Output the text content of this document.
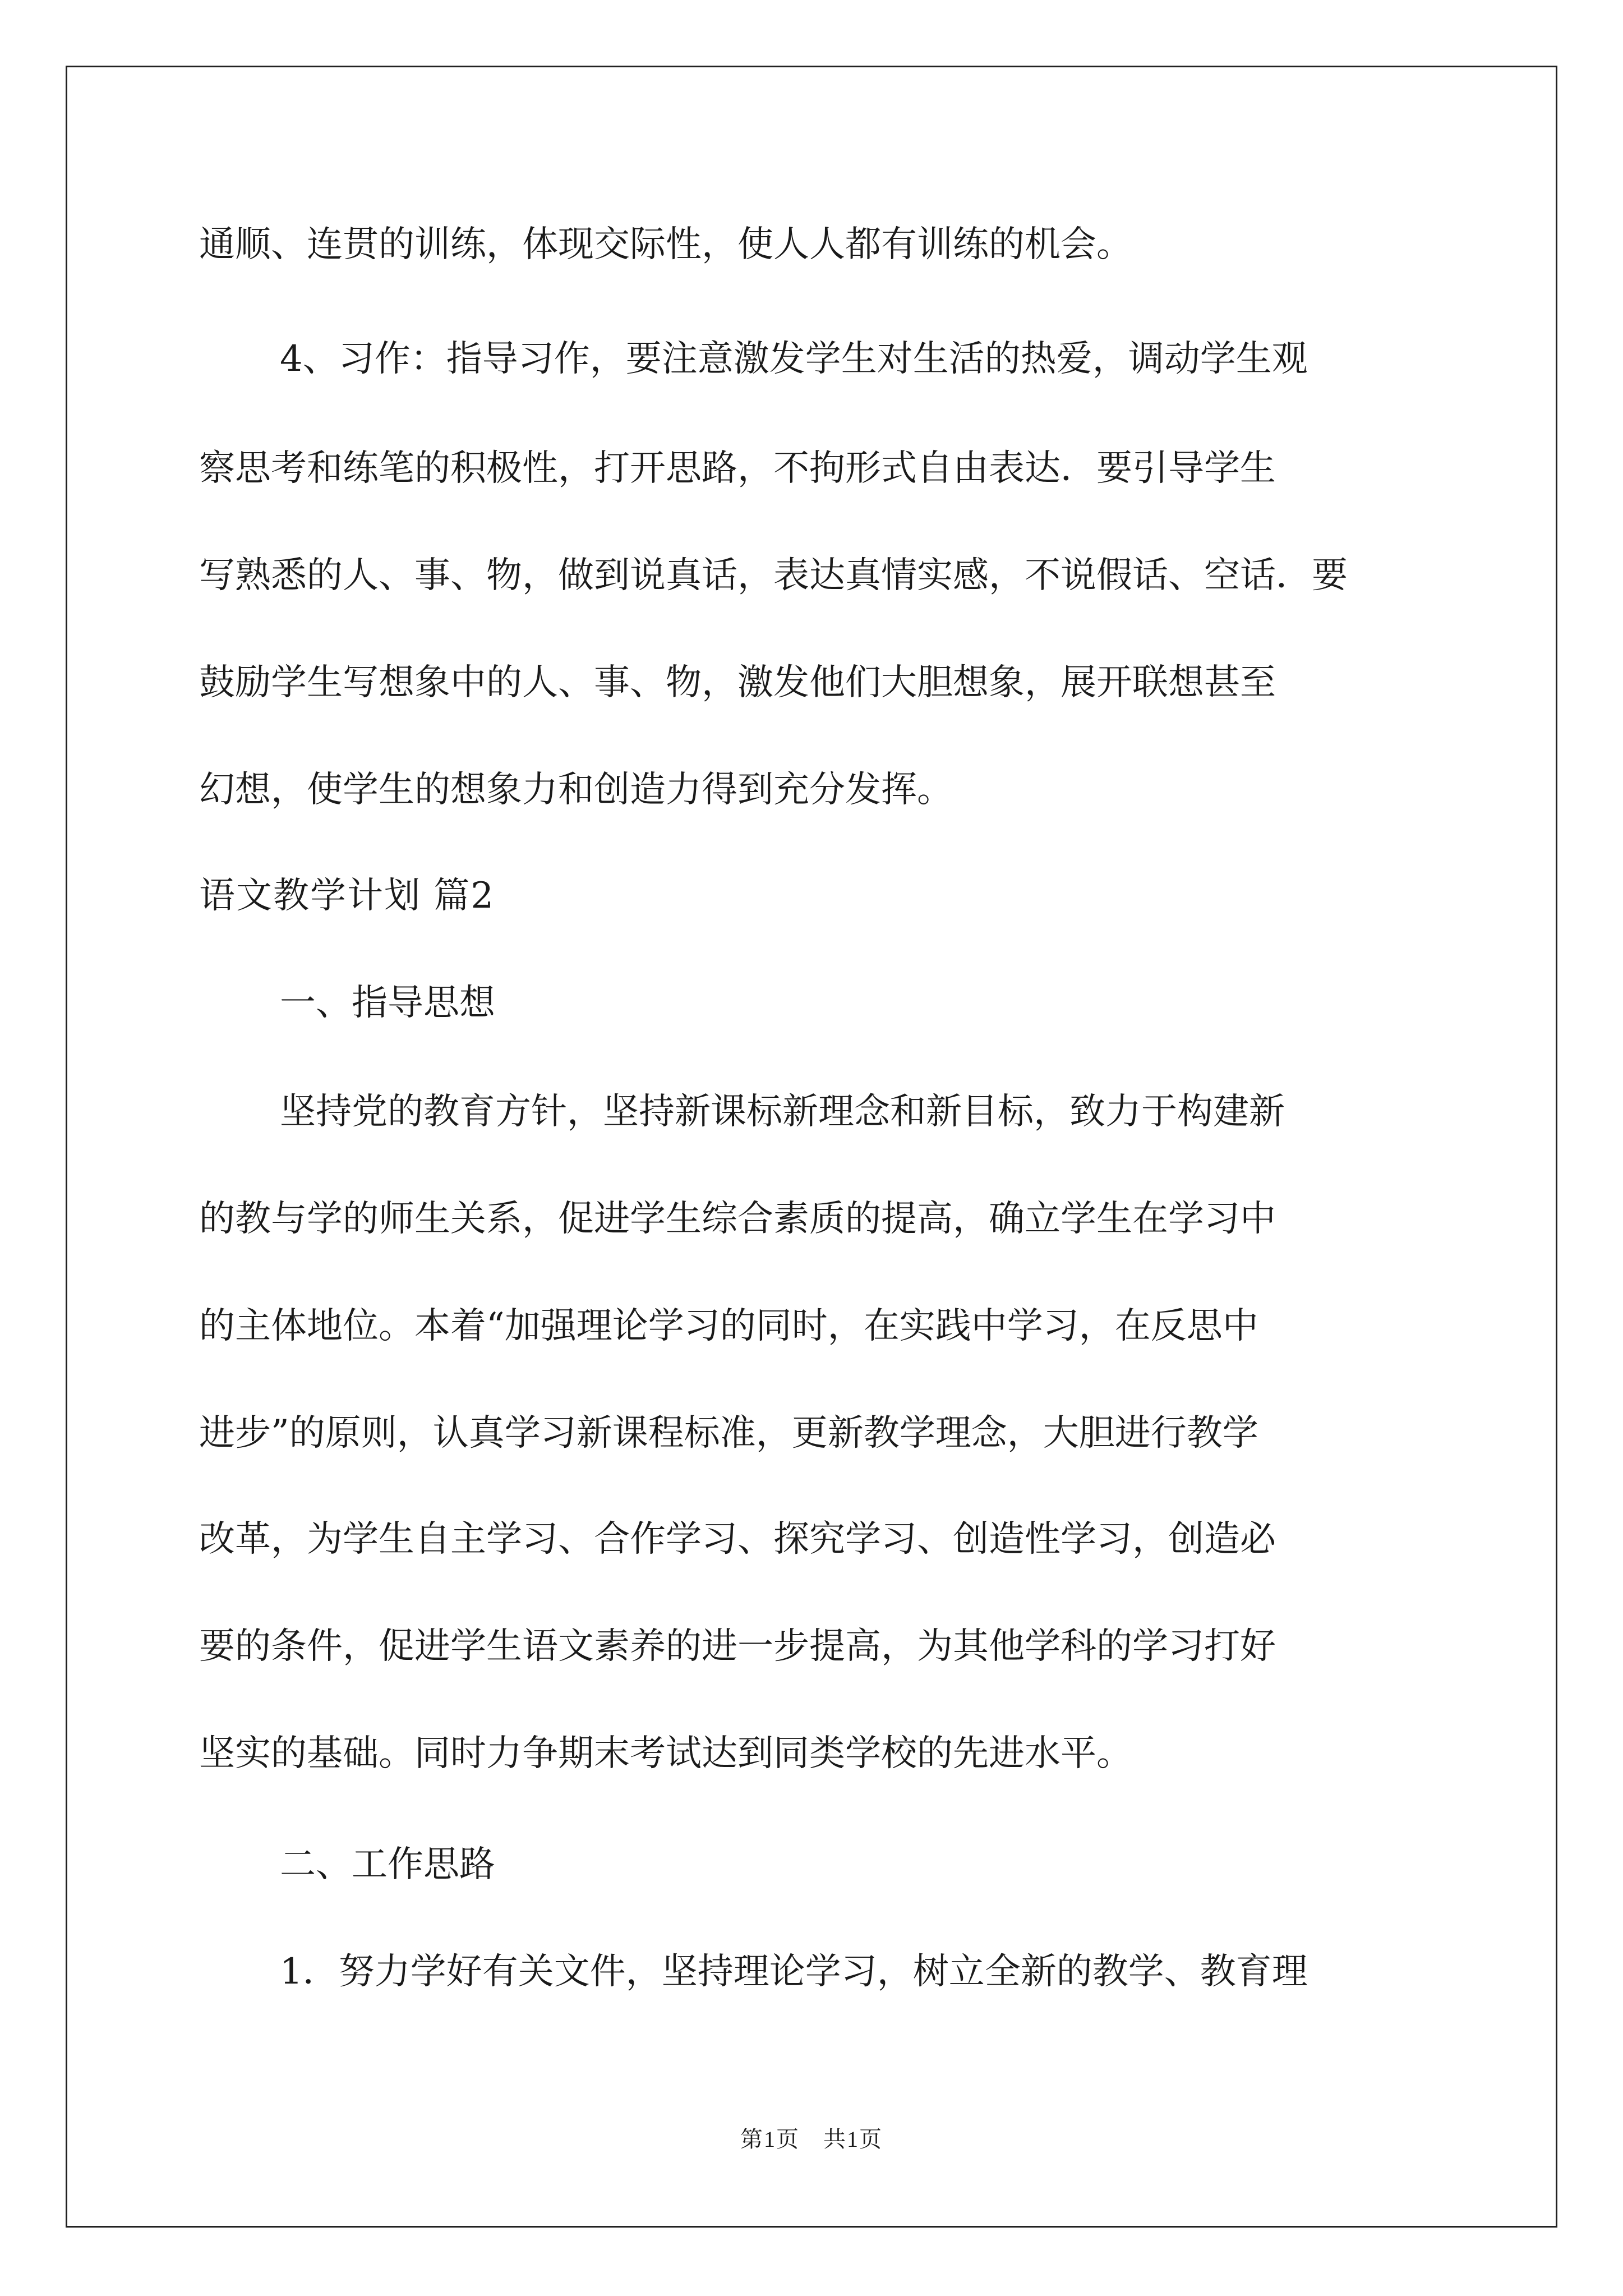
通顺、连贯的训练，体现交际性，使人人都有训练的机会。
4、习作：指导习作，要注意激发学生对生活的热爱，调动学生观
察思考和练笔的积极性，打开思路，不拘形式自由表达．要引导学生
写熟悉的人、事、物，做到说真话，表达真情实感，不说假话、空话．要
鼓励学生写想象中的人、事、物，激发他们大胆想象，展开联想甚至
幻想，使学生的想象力和创造力得到充分发挥。
语文教学计划 篇2
一、指导思想
坚持党的教育方针，坚持新课标新理念和新目标，致力于构建新
的教与学的师生关系，促进学生综合素质的提高，确立学生在学习中
的主体地位。本着“加强理论学习的同时，在实践中学习，在反思中
进步”的原则，认真学习新课程标准，更新教学理念，大胆进行教学
改革，为学生自主学习、合作学习、探究学习、创造性学习，创造必
要的条件，促进学生语文素养的进一步提高，为其他学科的学习打好
坚实的基础。同时力争期末考试达到同类学校的先进水平。
二、工作思路
1．努力学好有关文件，坚持理论学习，树立全新的教学、教育理
第1页　共1页
